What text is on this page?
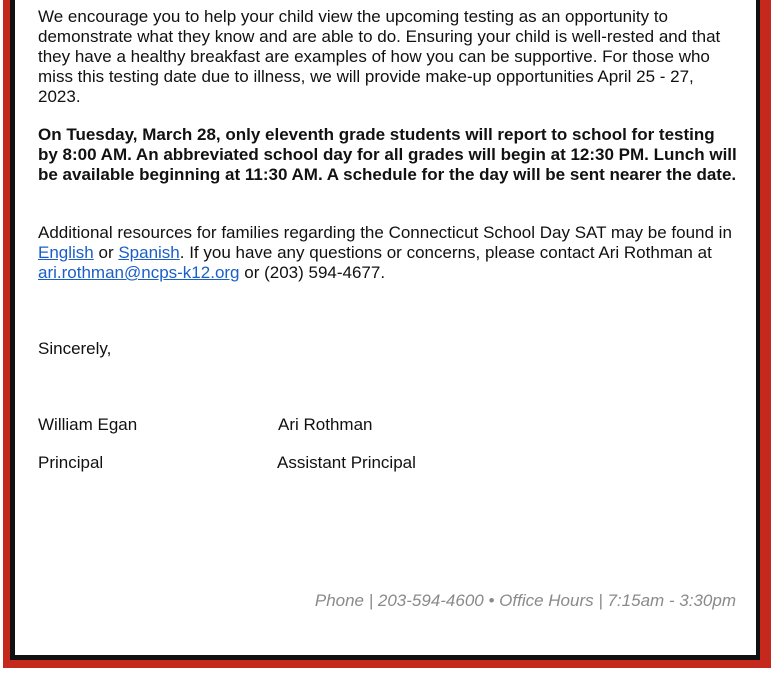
We encourage you to help your child view the upcoming testing as an opportunity to demonstrate what they know and are able to do. Ensuring your child is well-rested and that they have a healthy breakfast are examples of how you can be supportive. For those who miss this testing date due to illness, we will provide make-up opportunities April 25 - 27, 2023.

On Tuesday, March 28, only eleventh grade students will report to school for testing by 8:00 AM. An abbreviated school day for all grades will begin at 12:30 PM. Lunch will be available beginning at 11:30 AM. A schedule for the day will be sent nearer the date.

Additional resources for families regarding the Connecticut School Day SAT may be found in English or Spanish. If you have any questions or concerns, please contact Ari Rothman at ari.rothman@ncps-k12.org or (203) 594-4677.

Sincerely,
William Egan	Ari Rothman
Principal	Assistant Principal
Phone | 203-594-4600 • Office Hours | 7:15am - 3:30pm
